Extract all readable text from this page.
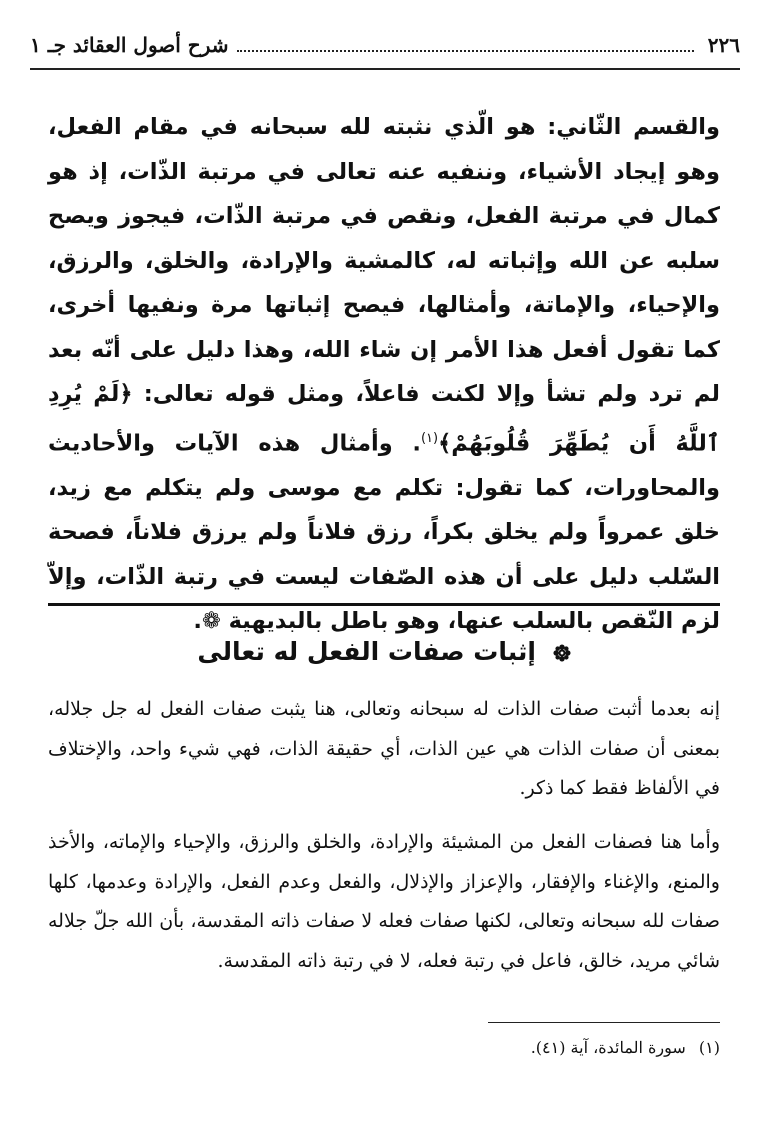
٢٢٦
شرح أصول العقائد جـ ١

والقسم الثّاني: هو الّذي نثبته لله سبحانه في مقام الفعل، وهو إيجاد الأشياء، وننفيه عنه تعالى في مرتبة الذّات، إذ هو كمال في مرتبة الفعل، ونقص في مرتبة الذّات، فيجوز ويصح سلبه عن الله وإثباته له، كالمشية والإرادة، والخلق، والرزق، والإحياء، والإماتة، وأمثالها، فيصح إثباتها مرة ونفيها أخرى، كما تقول أفعل هذا الأمر إن شاء الله، وهذا دليل على أنّه بعد لم ترد ولم تشأ وإلا لكنت فاعلاً، ومثل قوله تعالى: ﴿لَمْ يُرِدِ ٱللَّهُ أَن يُطَهِّرَ قُلُوبَهُمْ﴾$^{(١)}$. وأمثال هذه الآيات والأحاديث والمحاورات، كما تقول: تكلم مع موسى ولم يتكلم مع زيد، خلق عمرواً ولم يخلق بكراً، رزق فلاناً ولم يرزق فلاناً، فصحة السّلب دليل على أن هذه الصّفات ليست في رتبة الذّات، وإلاّ لزم النّقص بالسلب عنها، وهو باطل بالبديهية ❁.

إثبات صفات الفعل له تعالى

إنه بعدما أثبت صفات الذات له سبحانه وتعالى، هنا يثبت صفات الفعل له جل جلاله، بمعنى أن صفات الذات هي عين الذات، أي حقيقة الذات، فهي شيء واحد، والإختلاف في الألفاظ فقط كما ذكر.

وأما هنا فصفات الفعل من المشيئة والإرادة، والخلق والرزق، والإحياء والإماته، والأخذ والمنع، والإغناء والإفقار، والإعزاز والإذلال، والفعل وعدم الفعل، والإرادة وعدمها، كلها صفات لله سبحانه وتعالى، لكنها صفات فعله لا صفات ذاته المقدسة، بأن الله جلّ جلاله شائي مريد، خالق، فاعل في رتبة فعله، لا في رتبة ذاته المقدسة.

(١) سورة المائدة، آية (٤١).
